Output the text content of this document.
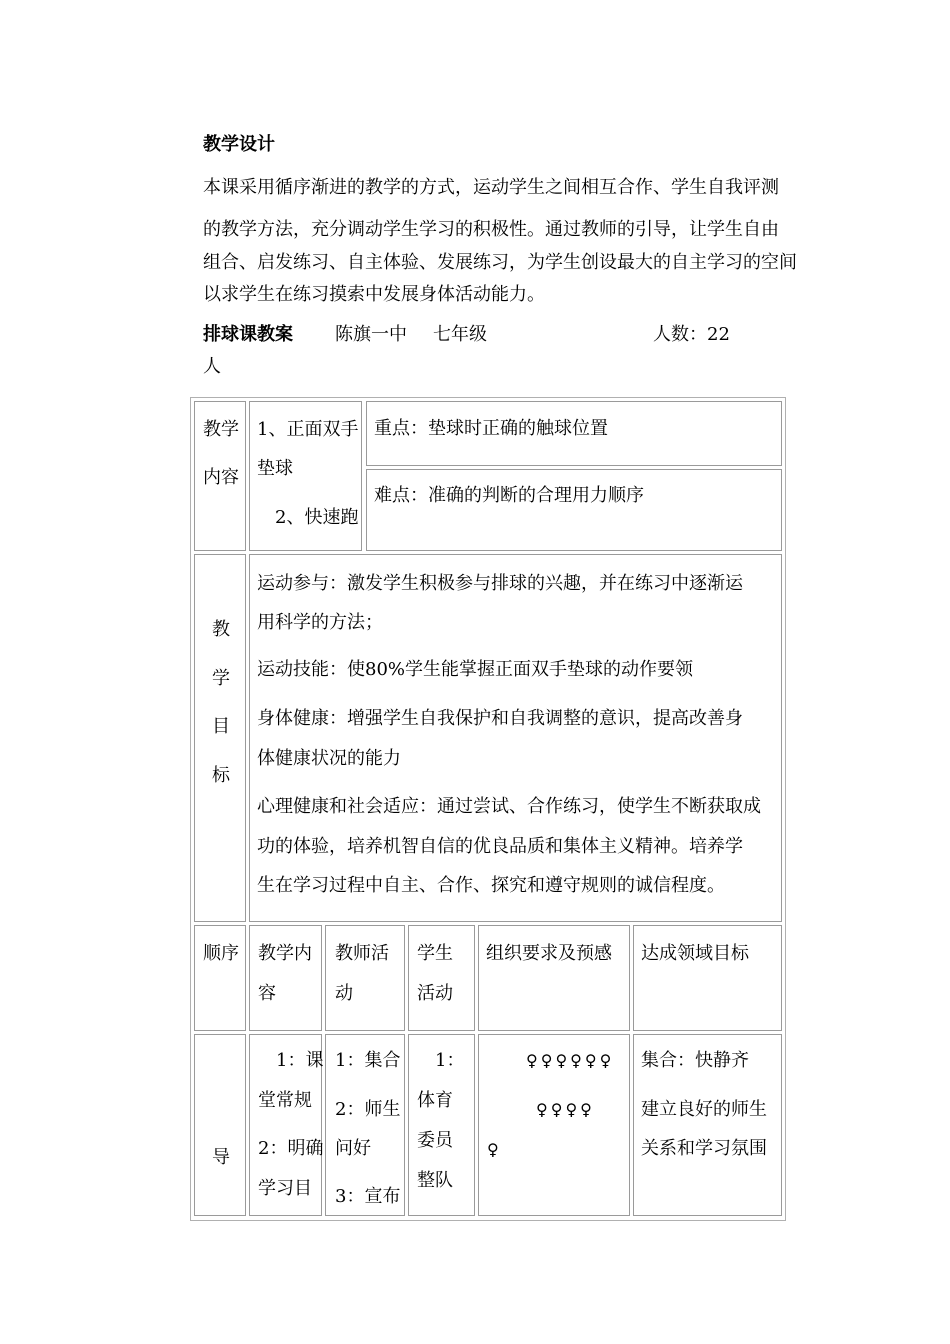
教学设计
本课采用循序渐进的教学的方式，运动学生之间相互合作、学生自我评测
的教学方法，充分调动学生学习的积极性。通过教师的引导，让学生自由
组合、启发练习、自主体验、发展练习，为学生创设最大的自主学习的空间
以求学生在练习摸索中发展身体活动能力。
排球课教案 陈旗一中 七年级	人数：22
人
教学
内容
1、正面双手
垫球
2、快速跑
重点：垫球时正确的触球位置
难点：准确的判断的合理用力顺序
教
学
目
标
运动参与：激发学生积极参与排球的兴趣，并在练习中逐渐运
用科学的方法；
运动技能：使80%学生能掌握正面双手垫球的动作要领
身体健康：增强学生自我保护和自我调整的意识，提高改善身
体健康状况的能力
心理健康和社会适应：通过尝试、合作练习，使学生不断获取成
功的体验，培养机智自信的优良品质和集体主义精神。培养学
生在学习过程中自主、合作、探究和遵守规则的诚信程度。
顺序 教学内
容
教师活
动
学生
活动
组织要求及预感 达成领域目标
导
1：课
堂常规
2：明确
学习目
1：集合
2：师生
问好
3：宣布
1：
体育
委员
整队
♀♀♀♀♀♀
♀♀♀♀
♀
集合：快静齐
建立良好的师生
关系和学习氛围
